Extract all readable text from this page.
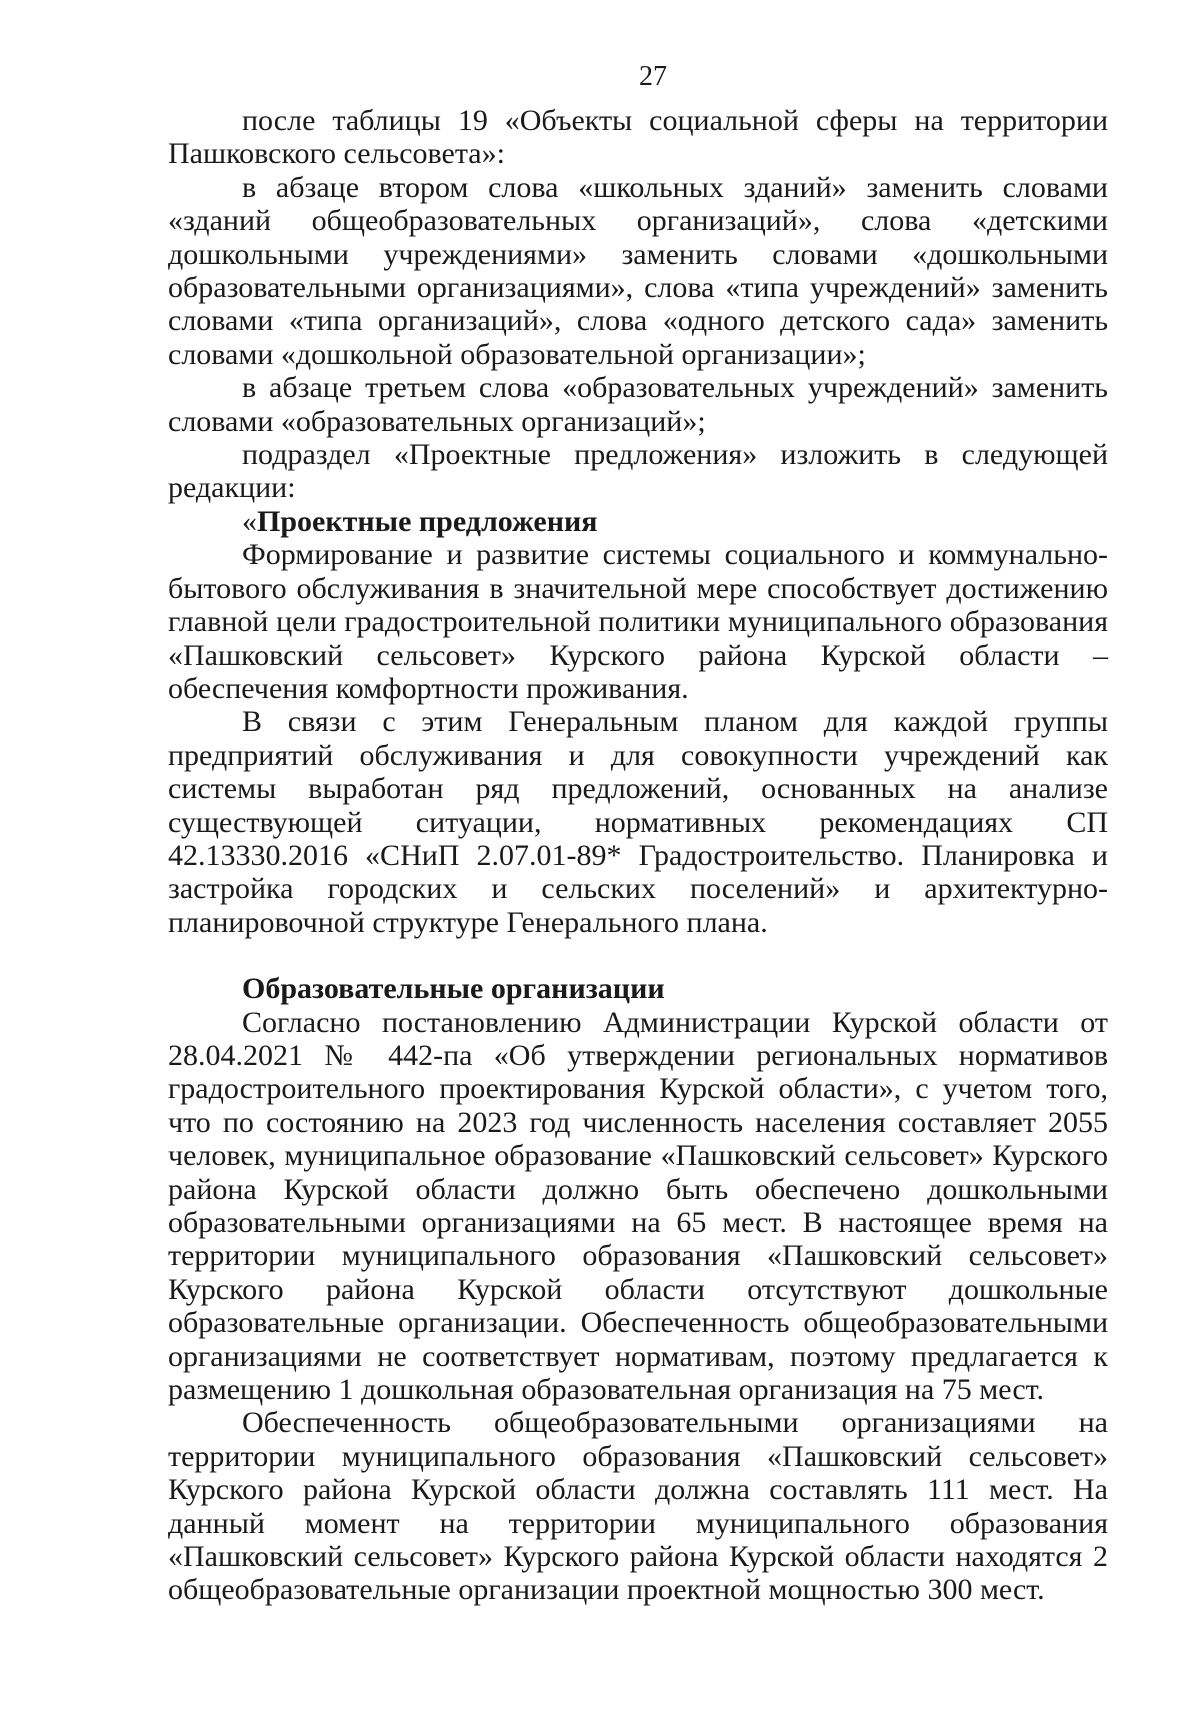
27

после таблицы 19 «Объекты социальной сферы на территории Пашковского сельсовета»:

в абзаце втором слова «школьных зданий» заменить словами «зданий общеобразовательных организаций», слова «детскими дошкольными учреждениями» заменить словами «дошкольными образовательными организациями», слова «типа учреждений» заменить словами «типа организаций», слова «одного детского сада» заменить словами «дошкольной образовательной организации»;

в абзаце третьем слова «образовательных учреждений» заменить словами «образовательных организаций»;

подраздел «Проектные предложения» изложить в следующей редакции:

«Проектные предложения

Формирование и развитие системы социального и коммунально-бытового обслуживания в значительной мере способствует достижению главной цели градостроительной политики муниципального образования «Пашковский сельсовет» Курского района Курской области – обеспечения комфортности проживания.

В связи с этим Генеральным планом для каждой группы предприятий обслуживания и для совокупности учреждений как системы выработан ряд предложений, основанных на анализе существующей ситуации, нормативных рекомендациях СП 42.13330.2016 «СНиП 2.07.01-89* Градостроительство. Планировка и застройка городских и сельских поселений» и архитектурно-планировочной структуре Генерального плана.

Образовательные организации

Согласно постановлению Администрации Курской области от 28.04.2021 № 442-па «Об утверждении региональных нормативов градостроительного проектирования Курской области», с учетом того, что по состоянию на 2023 год численность населения составляет 2055 человек, муниципальное образование «Пашковский сельсовет» Курского района Курской области должно быть обеспечено дошкольными образовательными организациями на 65 мест. В настоящее время на территории муниципального образования «Пашковский сельсовет» Курского района Курской области отсутствуют дошкольные образовательные организации. Обеспеченность общеобразовательными организациями не соответствует нормативам, поэтому предлагается к размещению 1 дошкольная образовательная организация на 75 мест.

Обеспеченность общеобразовательными организациями на территории муниципального образования «Пашковский сельсовет» Курского района Курской области должна составлять 111 мест. На данный момент на территории муниципального образования «Пашковский сельсовет» Курского района Курской области находятся 2 общеобразовательные организации проектной мощностью 300 мест.
